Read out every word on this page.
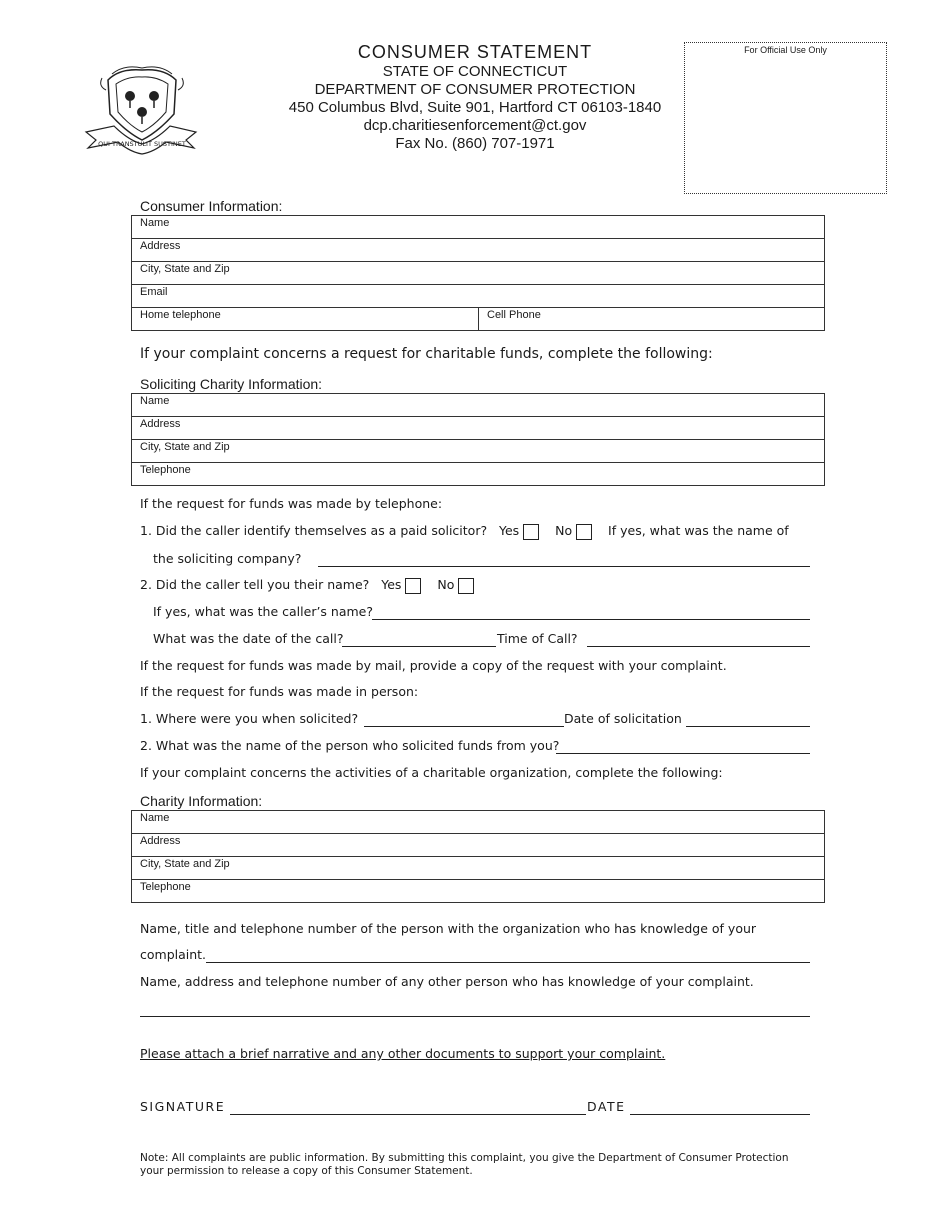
QUI TRANSTULIT SUSTINET
CONSUMER STATEMENT
STATE OF CONNECTICUT
DEPARTMENT OF CONSUMER PROTECTION
450 Columbus Blvd, Suite 901, Hartford CT 06103-1840
dcp.charitiesenforcement@ct.gov
Fax No. (860) 707-1971
For Official Use Only
Consumer Information:
Name
Address
City, State and Zip
Email
Home telephone	Cell Phone
If your complaint concerns a request for charitable funds, complete the following:
Soliciting Charity Information:
Name
Address
City, State and Zip
Telephone
If the request for funds was made by telephone:
1. Did the caller identify themselves as a paid solicitor? Yes	No	If yes, what was the name of
the soliciting company?
2. Did the caller tell you their name? Yes	No
If yes, what was the caller’s name?
What was the date of the call?	Time of Call?
If the request for funds was made by mail, provide a copy of the request with your complaint.
If the request for funds was made in person:
1. Where were you when solicited?	Date of solicitation
2. What was the name of the person who solicited funds from you?
If your complaint concerns the activities of a charitable organization, complete the following:
Charity Information:
Name
Address
City, State and Zip
Telephone
Name, title and telephone number of the person with the organization who has knowledge of your
complaint.
Name, address and telephone number of any other person who has knowledge of your complaint.
Please attach a brief narrative and any other documents to support your complaint.
SIGNATURE	DATE
Note: All complaints are public information. By submitting this complaint, you give the Department of Consumer Protection your permission to release a copy of this Consumer Statement.
